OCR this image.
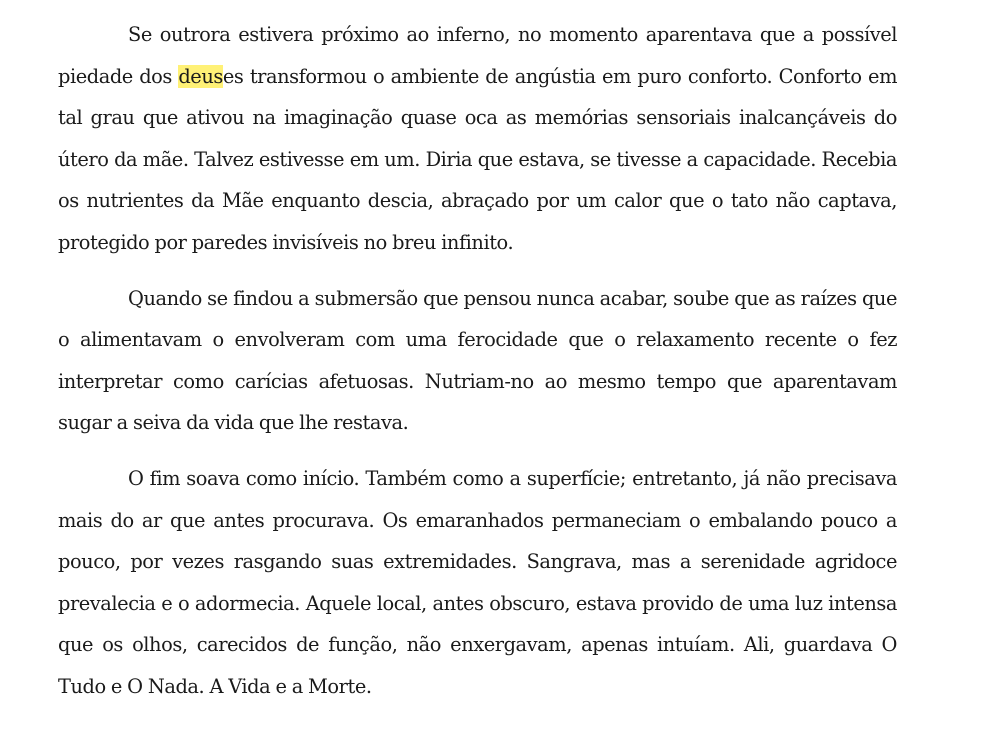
Se outrora estivera próximo ao inferno, no momento aparentava que a possível piedade dos deuses transformou o ambiente de angústia em puro conforto. Conforto em tal grau que ativou na imaginação quase oca as memórias sensoriais inalcançáveis do útero da mãe. Talvez estivesse em um. Diria que estava, se tivesse a capacidade. Recebia os nutrientes da Mãe enquanto descia, abraçado por um calor que o tato não captava, protegido por paredes invisíveis no breu infinito.

Quando se findou a submersão que pensou nunca acabar, soube que as raízes que o alimentavam o envolveram com uma ferocidade que o relaxamento recente o fez interpretar como carícias afetuosas. Nutriam-no ao mesmo tempo que aparentavam sugar a seiva da vida que lhe restava.

O fim soava como início. Também como a superfície; entretanto, já não precisava mais do ar que antes procurava. Os emaranhados permaneciam o embalando pouco a pouco, por vezes rasgando suas extremidades. Sangrava, mas a serenidade agridoce prevalecia e o adormecia. Aquele local, antes obscuro, estava provido de uma luz intensa que os olhos, carecidos de função, não enxergavam, apenas intuíam. Ali, guardava O Tudo e O Nada. A Vida e a Morte.
